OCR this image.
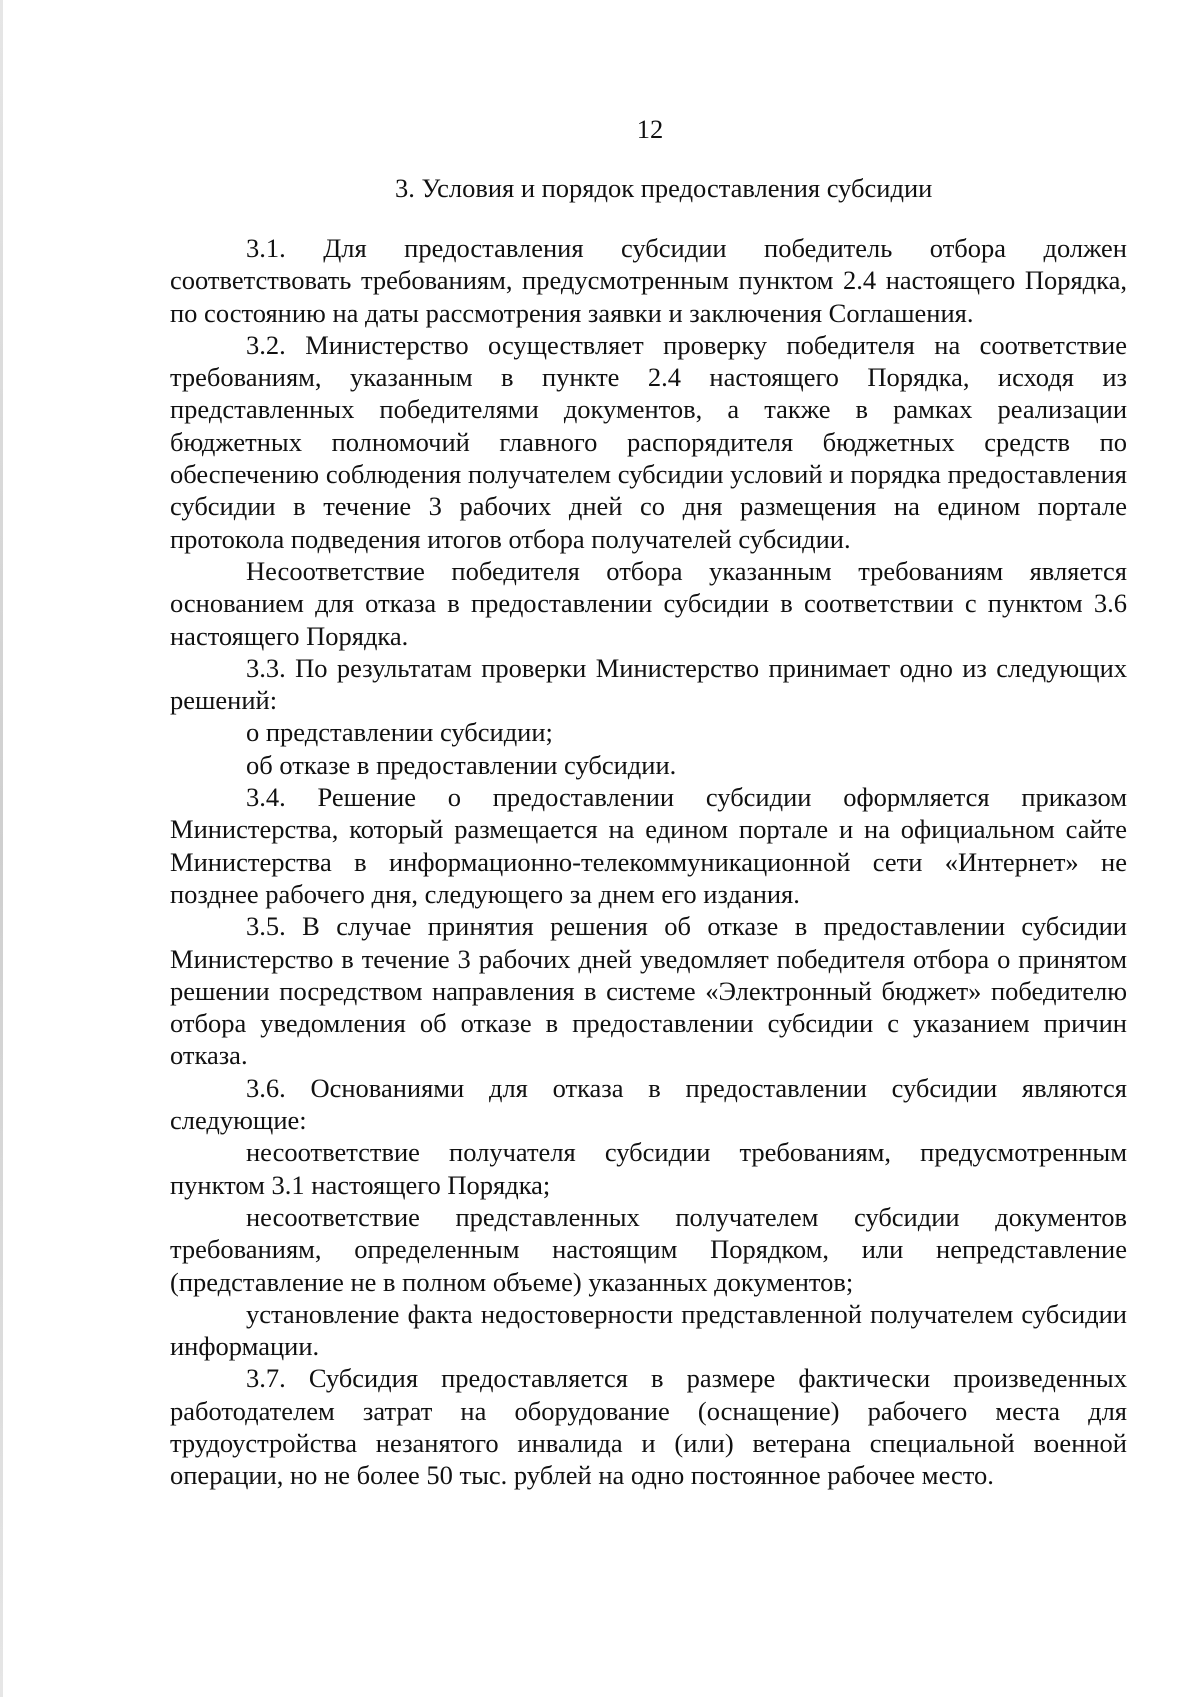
12
3. Условия и порядок предоставления субсидии

3.1. Для предоставления субсидии победитель отбора должен соответствовать требованиям, предусмотренным пунктом 2.4 настоящего Порядка, по состоянию на даты рассмотрения заявки и заключения Соглашения.

3.2. Министерство осуществляет проверку победителя на соответствие требованиям, указанным в пункте 2.4 настоящего Порядка, исходя из представленных победителями документов, а также в рамках реализации бюджетных полномочий главного распорядителя бюджетных средств по обеспечению соблюдения получателем субсидии условий и порядка предоставления субсидии в течение 3 рабочих дней со дня размещения на едином портале протокола подведения итогов отбора получателей субсидии.

Несоответствие победителя отбора указанным требованиям является основанием для отказа в предоставлении субсидии в соответствии с пунктом 3.6 настоящего Порядка.

3.3. По результатам проверки Министерство принимает одно из следующих решений:

о представлении субсидии;

об отказе в предоставлении субсидии.

3.4. Решение о предоставлении субсидии оформляется приказом Министерства, который размещается на едином портале и на официальном сайте Министерства в информационно-телекоммуникационной сети «Интернет» не позднее рабочего дня, следующего за днем его издания.

3.5. В случае принятия решения об отказе в предоставлении субсидии Министерство в течение 3 рабочих дней уведомляет победителя отбора о принятом решении посредством направления в системе «Электронный бюджет» победителю отбора уведомления об отказе в предоставлении субсидии с указанием причин отказа.

3.6. Основаниями для отказа в предоставлении субсидии являются следующие:

несоответствие получателя субсидии требованиям, предусмотренным пунктом 3.1 настоящего Порядка;

несоответствие представленных получателем субсидии документов требованиям, определенным настоящим Порядком, или непредставление (представление не в полном объеме) указанных документов;

установление факта недостоверности представленной получателем субсидии информации.

3.7. Субсидия предоставляется в размере фактически произведенных работодателем затрат на оборудование (оснащение) рабочего места для трудоустройства незанятого инвалида и (или) ветерана специальной военной операции, но не более 50 тыс. рублей на одно постоянное рабочее место.
